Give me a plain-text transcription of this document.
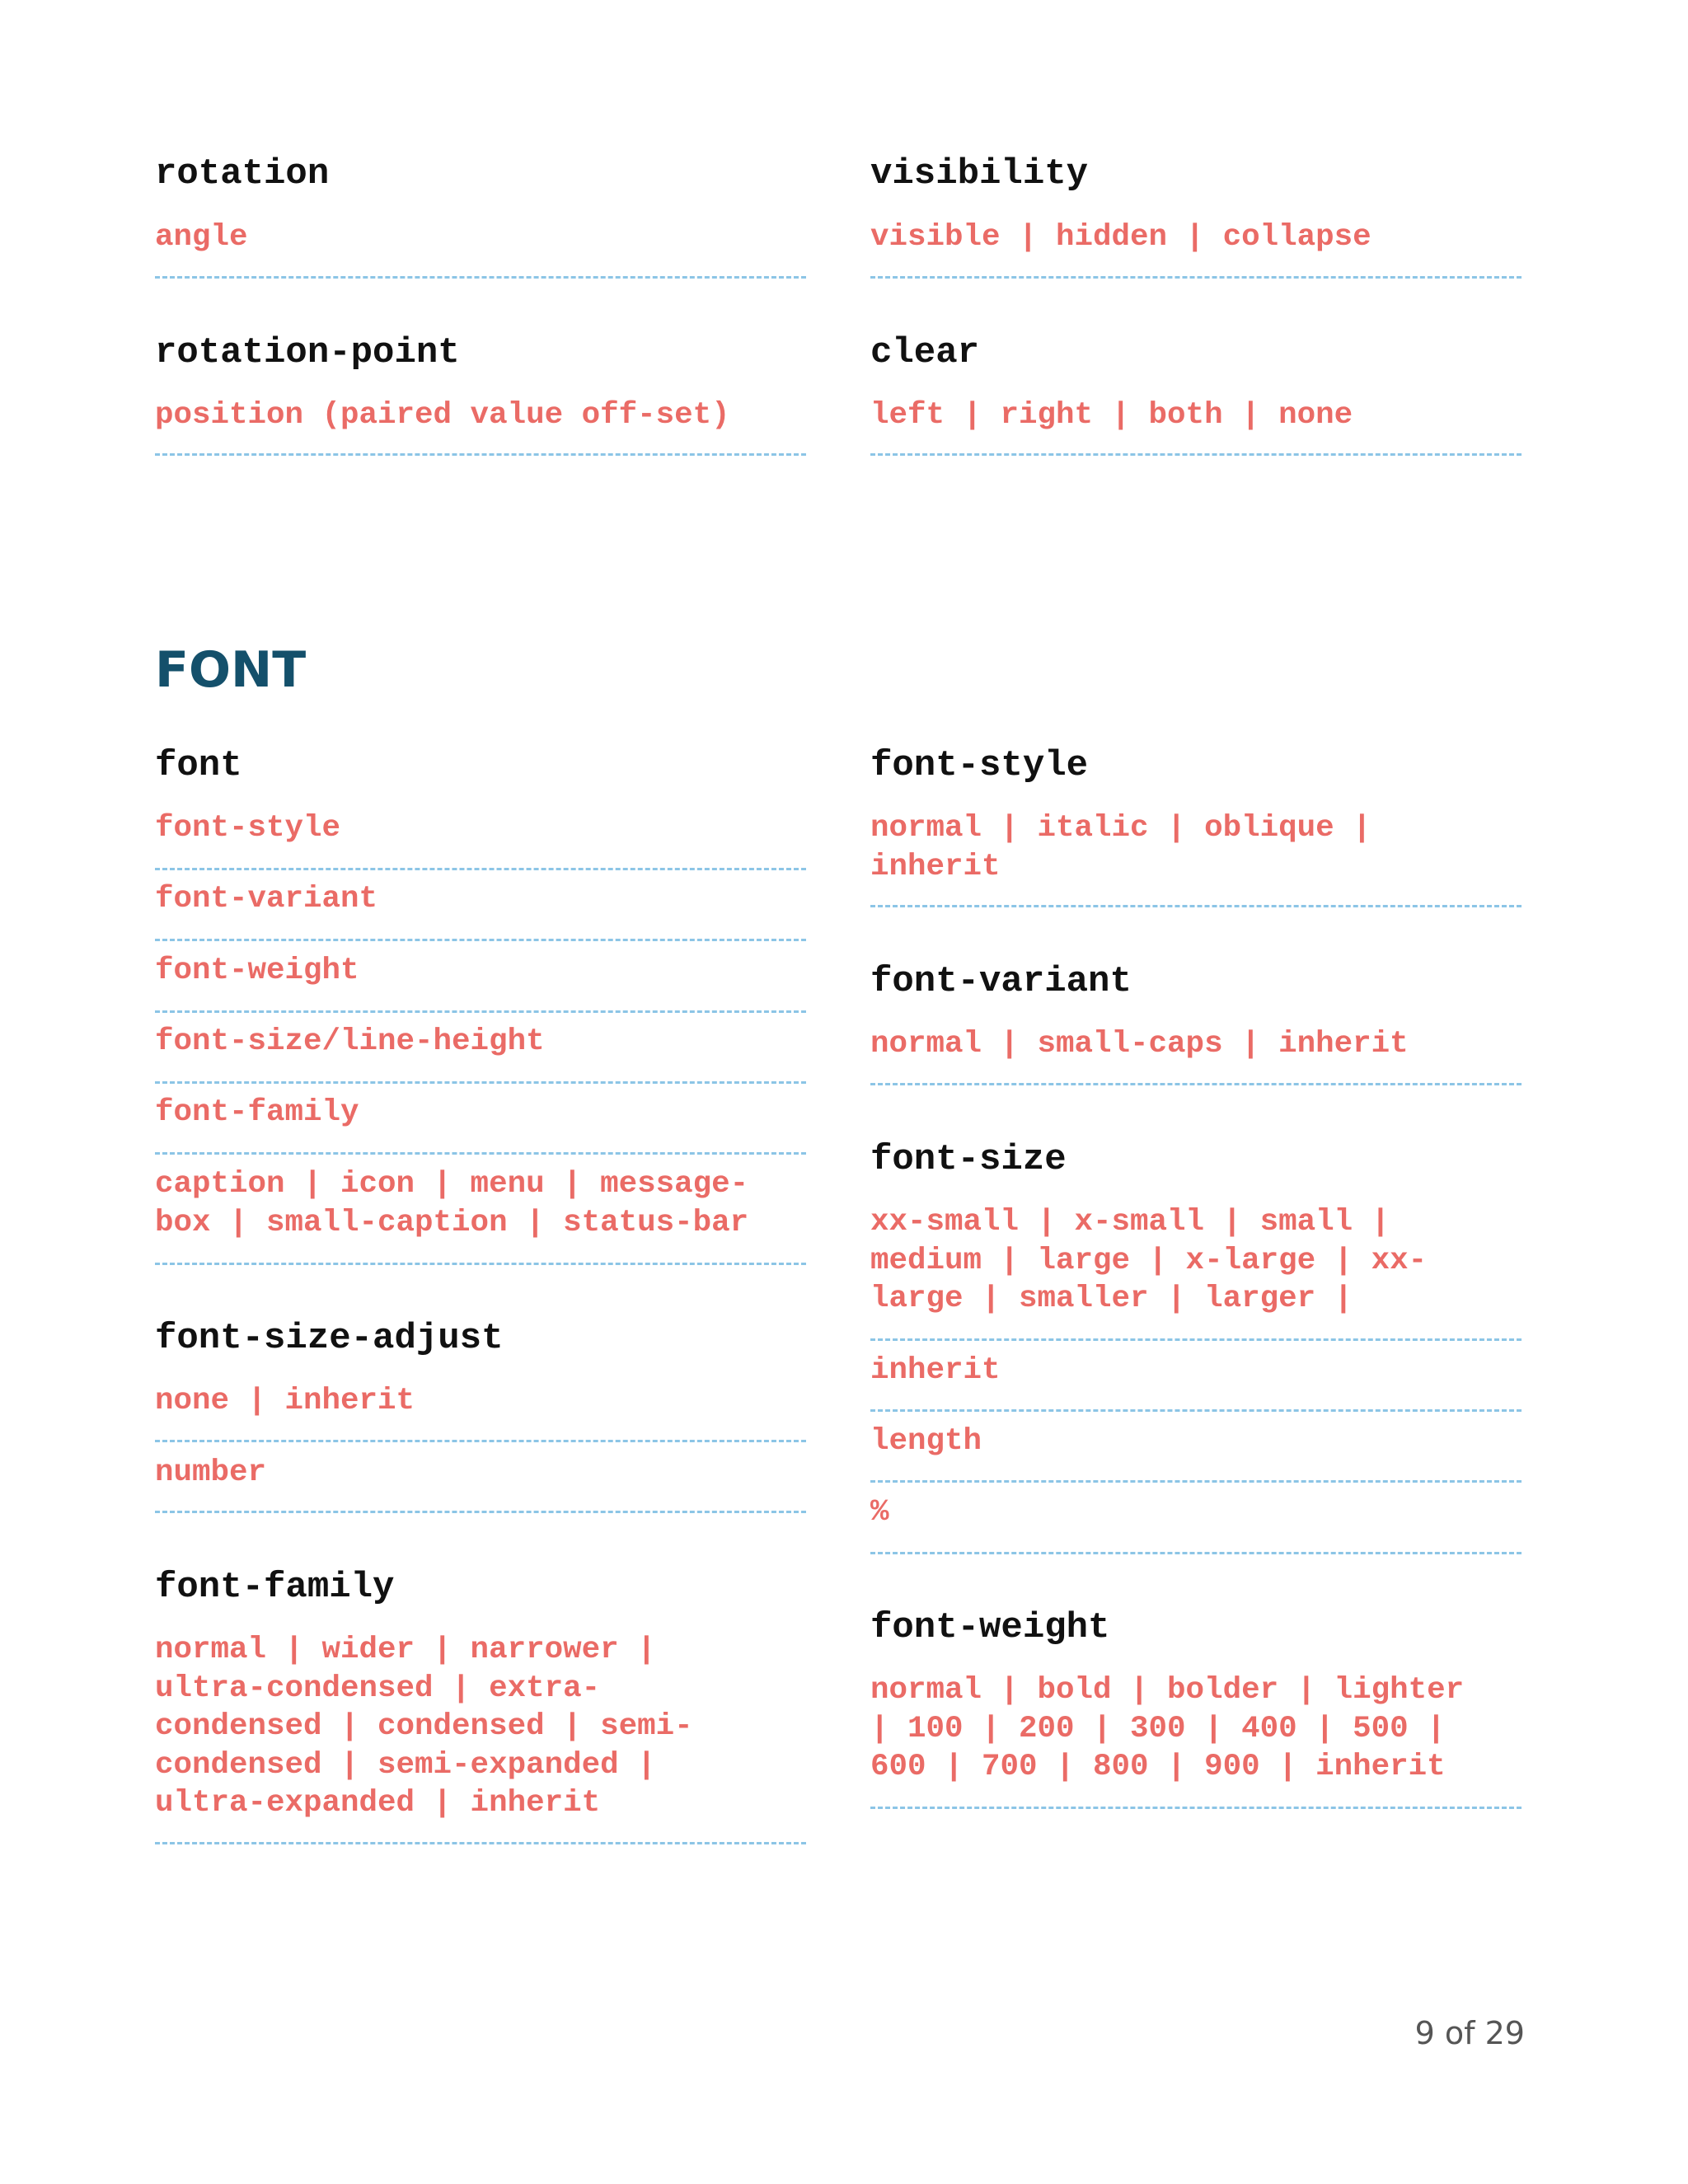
rotation
angle
rotation-point
position (paired value off-set)
font
font-style
font-variant
font-weight
font-size/line-height
font-family
caption | icon | menu | message-
box | small-caption | status-bar
font-size-adjust
none | inherit
number
font-family
normal | wider | narrower |
ultra-condensed | extra-
condensed | condensed | semi-
condensed | semi-expanded |
ultra-expanded | inherit
FONT
visibility
visible | hidden | collapse
clear
left | right | both | none
font-style
normal | italic | oblique |
inherit
font-variant
normal | small-caps | inherit
font-size
xx-small | x-small | small |
medium | large | x-large | xx-
large | smaller | larger |
inherit
length
%
font-weight
normal | bold | bolder | lighter
| 100 | 200 | 300 | 400 | 500 |
600 | 700 | 800 | 900 | inherit
9 of 29
